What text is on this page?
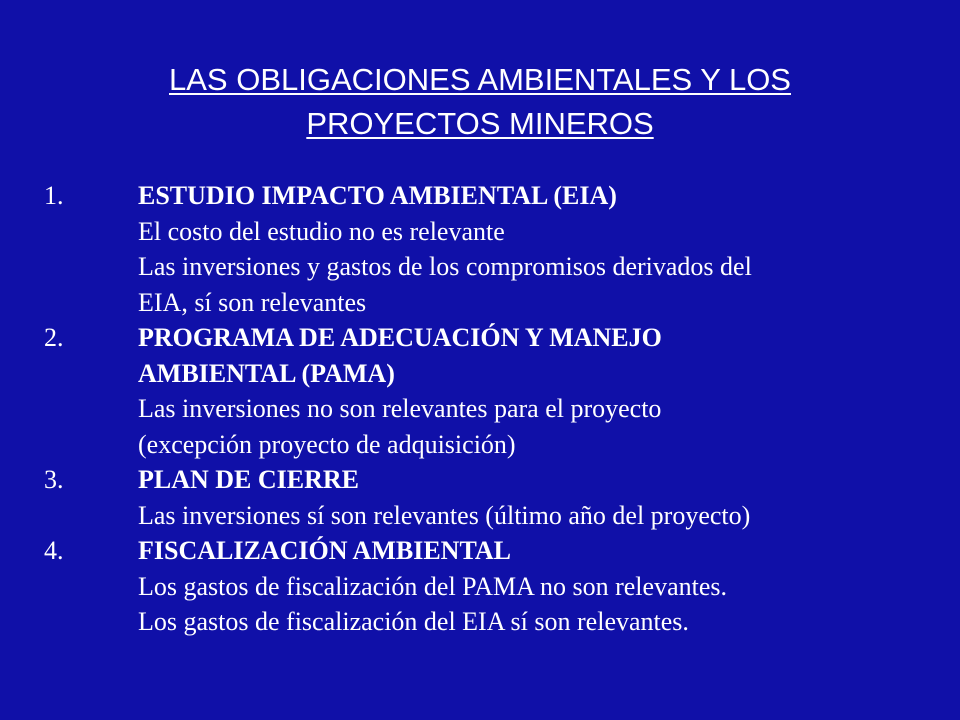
LAS OBLIGACIONES AMBIENTALES Y LOS
PROYECTOS MINEROS
1.	ESTUDIO IMPACTO AMBIENTAL (EIA)
El costo del estudio no es relevante
Las inversiones y gastos de los compromisos derivados del
EIA, sí son relevantes
2.	PROGRAMA DE ADECUACIÓN Y MANEJO
AMBIENTAL (PAMA)
Las inversiones no son relevantes para el proyecto
(excepción proyecto de adquisición)
3.	PLAN DE CIERRE
Las inversiones sí son relevantes (último año del proyecto)
4.	FISCALIZACIÓN AMBIENTAL
Los gastos de fiscalización del PAMA no son relevantes.
Los gastos de fiscalización del EIA sí son relevantes.
